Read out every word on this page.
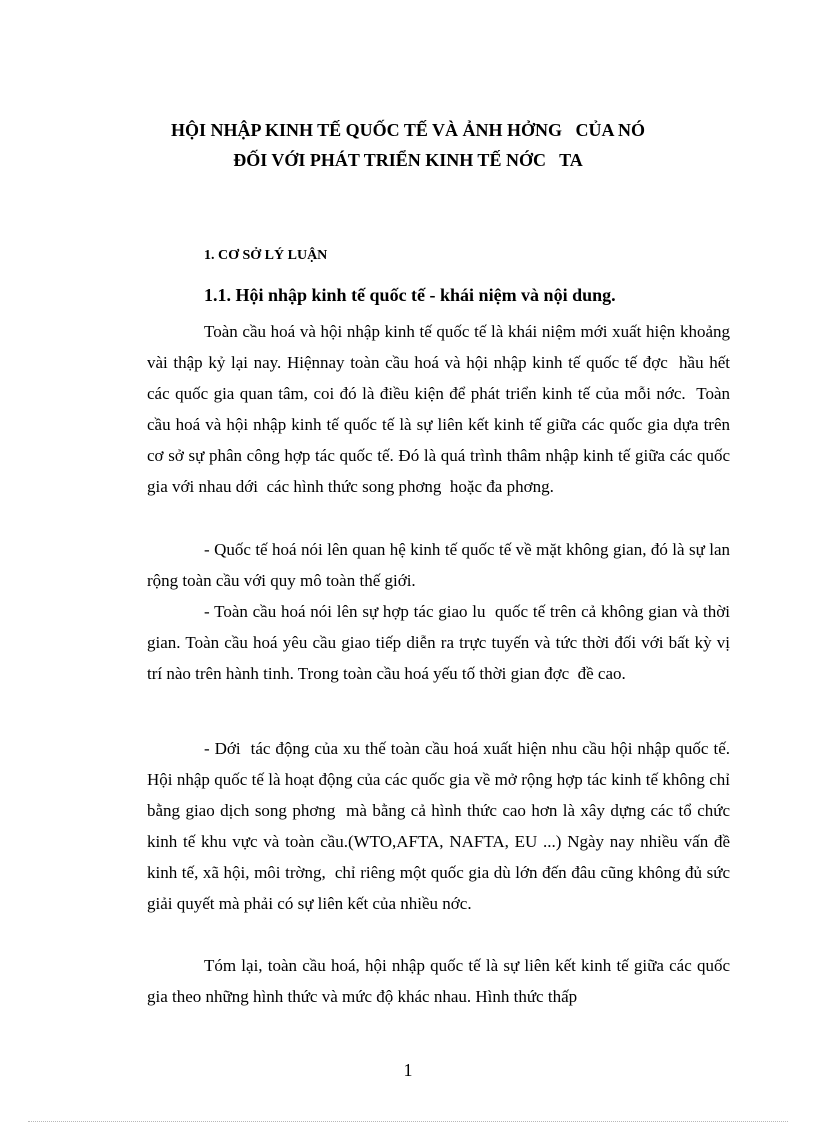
HỘI NHẬP KINH TẾ QUỐC TẾ VÀ ẢNH HỞNG   CỦA NÓ
ĐỐI VỚI PHÁT TRIỂN KINH TẾ NỚC   TA
1. CƠ SỞ LÝ LUẬN
1.1. Hội nhập kinh tế quốc tế - khái niệm và nội dung.

Toàn cầu hoá và hội nhập kinh tế quốc tế là khái niệm mới xuất hiện khoảng vài thập kỷ lại nay. Hiệnnay toàn cầu hoá và hội nhập kinh tế quốc tế đợc  hầu hết các quốc gia quan tâm, coi đó là điều kiện để phát triển kinh tế của mỗi nớc.  Toàn cầu hoá và hội nhập kinh tế quốc tế là sự liên kết kinh tế giữa các quốc gia dựa trên cơ sở sự phân công hợp tác quốc tế. Đó là quá trình thâm nhập kinh tế giữa các quốc gia với nhau dới  các hình thức song phơng  hoặc đa phơng.

- Quốc tế hoá nói lên quan hệ kinh tế quốc tế về mặt không gian, đó là sự lan rộng toàn cầu với quy mô toàn thế giới.

- Toàn cầu hoá nói lên sự hợp tác giao lu  quốc tế trên cả không gian và thời gian. Toàn cầu hoá yêu cầu giao tiếp diễn ra trực tuyến và tức thời đối với bất kỳ vị trí nào trên hành tinh. Trong toàn cầu hoá yếu tố thời gian đợc  đề cao.

- Dới  tác động của xu thế toàn cầu hoá xuất hiện nhu cầu hội nhập quốc tế. Hội nhập quốc tế là hoạt động của các quốc gia về mở rộng hợp tác kinh tế không chỉ bằng giao dịch song phơng  mà bằng cả hình thức cao hơn là xây dựng các tổ chức kinh tế khu vực và toàn cầu.(WTO,AFTA, NAFTA, EU ...) Ngày nay nhiều vấn đề kinh tế, xã hội, môi trờng,  chỉ riêng một quốc gia dù lớn đến đâu cũng không đủ sức giải quyết mà phải có sự liên kết của nhiều nớc.

Tóm lại, toàn cầu hoá, hội nhập quốc tế là sự liên kết kinh tế giữa các quốc gia theo những hình thức và mức độ khác nhau. Hình thức thấp

1
